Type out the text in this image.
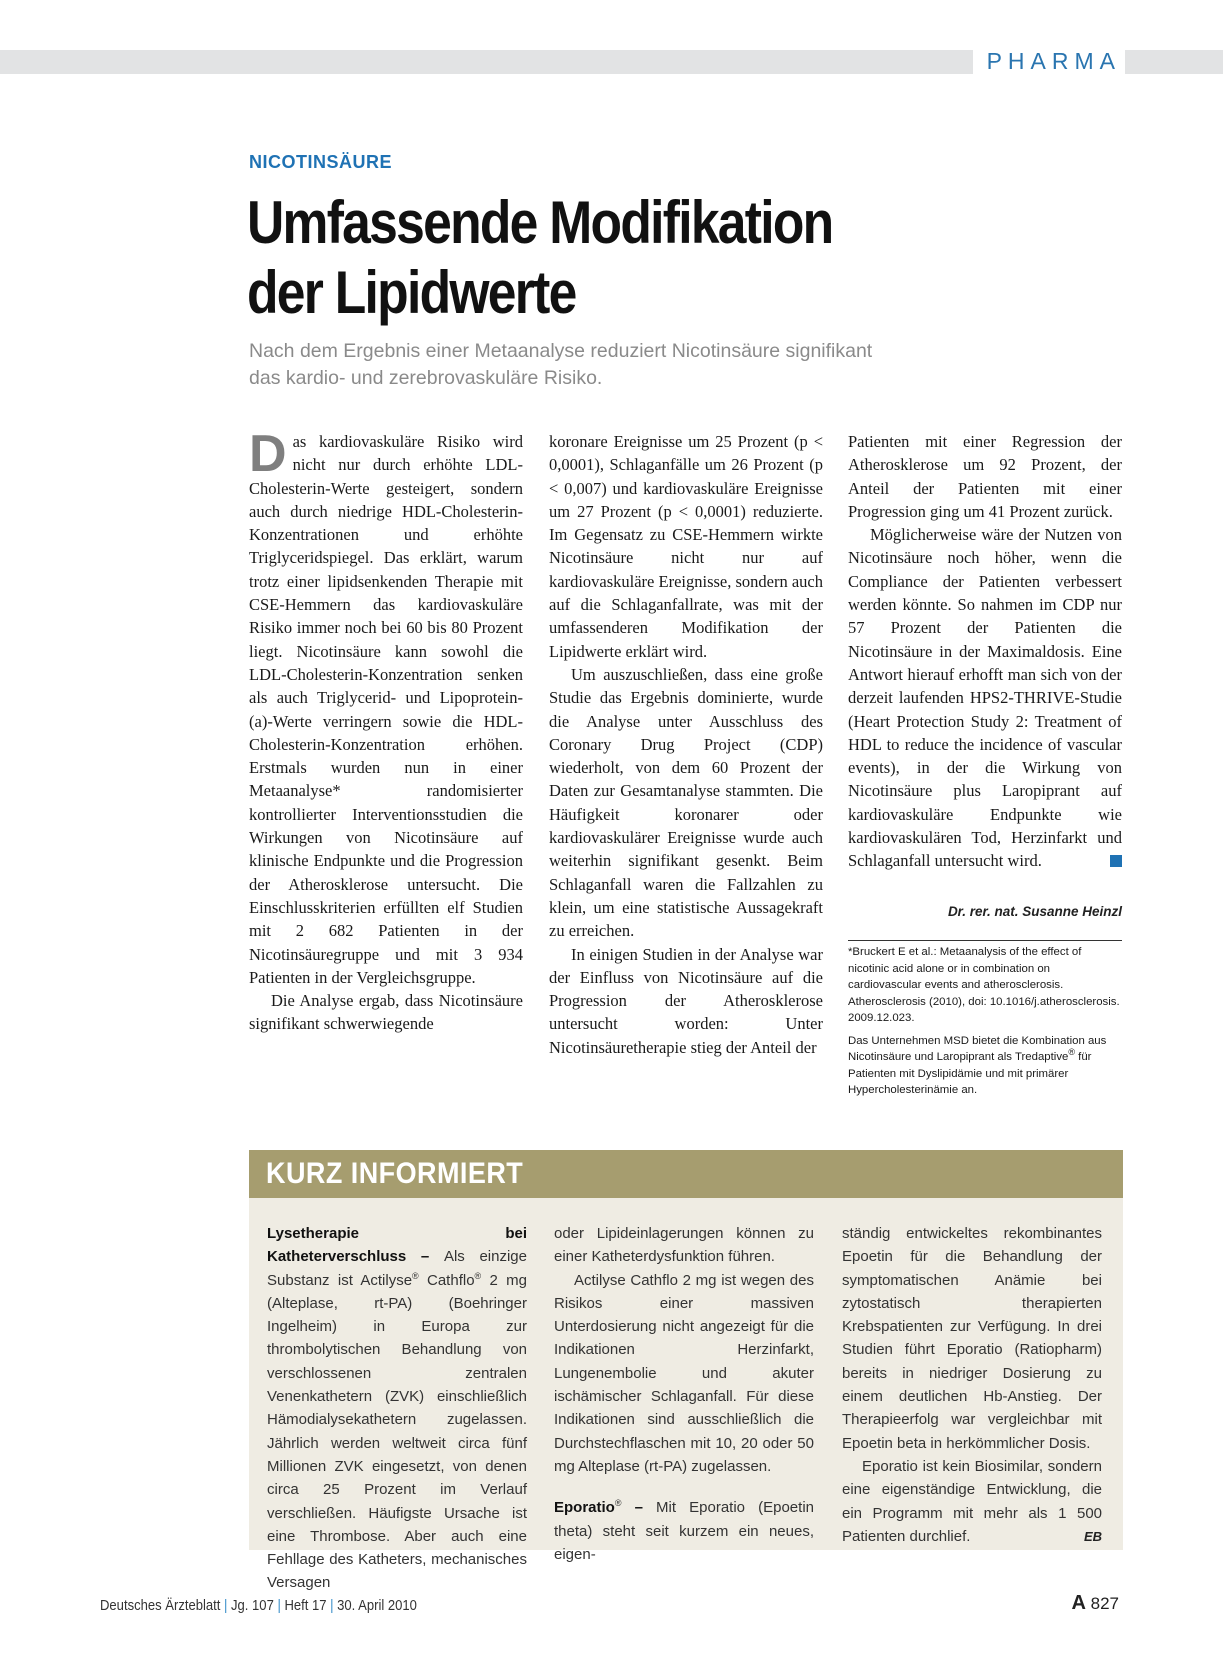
PHARMA
NICOTINSÄURE
Umfassende Modifikation
der Lipidwerte
Nach dem Ergebnis einer Metaanalyse reduziert Nicotinsäure signifikant
das kardio- und zerebrovaskuläre Risiko.

Das kardiovaskuläre Risiko wird nicht nur durch erhöhte LDL-Cholesterin-Werte gesteigert, sondern auch durch niedrige HDL-Cholesterin-Konzentrationen und erhöhte Triglyceridspiegel. Das erklärt, warum trotz einer lipidsenkenden Therapie mit CSE-Hemmern das kardiovaskuläre Risiko immer noch bei 60 bis 80 Prozent liegt. Nicotinsäure kann sowohl die LDL-Cholesterin-Konzentration senken als auch Triglycerid- und Lipoprotein-(a)-Werte verringern sowie die HDL-Cholesterin-Konzentration erhöhen. Erstmals wurden nun in einer Metaanalyse* randomisierter kontrollierter Interventionsstudien die Wirkungen von Nicotinsäure auf klinische Endpunkte und die Progression der Atherosklerose untersucht. Die Einschlusskriterien erfüllten elf Studien mit 2 682 Patienten in der Nicotinsäuregruppe und mit 3 934 Patienten in der Vergleichsgruppe.

Die Analyse ergab, dass Nicotinsäure signifikant schwerwiegende

koronare Ereignisse um 25 Prozent (p < 0,0001), Schlaganfälle um 26 Prozent (p < 0,007) und kardiovaskuläre Ereignisse um 27 Prozent (p < 0,0001) reduzierte. Im Gegensatz zu CSE-Hemmern wirkte Nicotinsäure nicht nur auf kardiovaskuläre Ereignisse, sondern auch auf die Schlaganfallrate, was mit der umfassenderen Modifikation der Lipidwerte erklärt wird.

Um auszuschließen, dass eine große Studie das Ergebnis dominierte, wurde die Analyse unter Ausschluss des Coronary Drug Project (CDP) wiederholt, von dem 60 Prozent der Daten zur Gesamtanalyse stammten. Die Häufigkeit koronarer oder kardiovaskulärer Ereignisse wurde auch weiterhin signifikant gesenkt. Beim Schlaganfall waren die Fallzahlen zu klein, um eine statistische Aussagekraft zu erreichen.

In einigen Studien in der Analyse war der Einfluss von Nicotinsäure auf die Progression der Atherosklerose untersucht worden: Unter Nicotinsäuretherapie stieg der Anteil der

Patienten mit einer Regression der Atherosklerose um 92 Prozent, der Anteil der Patienten mit einer Progression ging um 41 Prozent zurück.

Möglicherweise wäre der Nutzen von Nicotinsäure noch höher, wenn die Compliance der Patienten verbessert werden könnte. So nahmen im CDP nur 57 Prozent der Patienten die Nicotinsäure in der Maximaldosis. Eine Antwort hierauf erhofft man sich von der derzeit laufenden HPS2-THRIVE-Studie (Heart Protection Study 2: Treatment of HDL to reduce the incidence of vascular events), in der die Wirkung von Nicotinsäure plus Laropiprant auf kardiovaskuläre Endpunkte wie kardiovaskulären Tod, Herzinfarkt und Schlaganfall untersucht wird.

Dr. rer. nat. Susanne Heinzl

*Bruckert E et al.: Metaanalysis of the effect of nicotinic acid alone or in combination on cardiovascular events and atherosclerosis. Atherosclerosis (2010), doi: 10.1016/j.atherosclerosis. 2009.12.023.

Das Unternehmen MSD bietet die Kombination aus Nicotinsäure und Laropiprant als Tredaptive® für Patienten mit Dyslipidämie und mit primärer Hypercholesterinämie an.

KURZ INFORMIERT

Lysetherapie bei Katheterverschluss – Als einzige Substanz ist Actilyse® Cathflo® 2 mg (Alteplase, rt-PA) (Boehringer Ingelheim) in Europa zur thrombolytischen Behandlung von verschlossenen zentralen Venenkathetern (ZVK) einschließlich Hämodialysekathetern zugelassen. Jährlich werden weltweit circa fünf Millionen ZVK eingesetzt, von denen circa 25 Prozent im Verlauf verschließen. Häufigste Ursache ist eine Thrombose. Aber auch eine Fehllage des Katheters, mechanisches Versagen

oder Lipideinlagerungen können zu einer Katheterdysfunktion führen.

Actilyse Cathflo 2 mg ist wegen des Risikos einer massiven Unterdosierung nicht angezeigt für die Indikationen Herzinfarkt, Lungenembolie und akuter ischämischer Schlaganfall. Für diese Indikationen sind ausschließlich die Durchstechflaschen mit 10, 20 oder 50 mg Alteplase (rt-PA) zugelassen.

Eporatio® – Mit Eporatio (Epoetin theta) steht seit kurzem ein neues, eigen-

ständig entwickeltes rekombinantes Epoetin für die Behandlung der symptomatischen Anämie bei zytostatisch therapierten Krebspatienten zur Verfügung. In drei Studien führt Eporatio (Ratiopharm) bereits in niedriger Dosierung zu einem deutlichen Hb-Anstieg. Der Therapieerfolg war vergleichbar mit Epoetin beta in herkömmlicher Dosis.

Eporatio ist kein Biosimilar, sondern eine eigenständige Entwicklung, die ein Programm mit mehr als 1 500 Patienten durchlief.	EB

Deutsches Ärzteblatt | Jg. 107 | Heft 17 | 30. April 2010	A 827
